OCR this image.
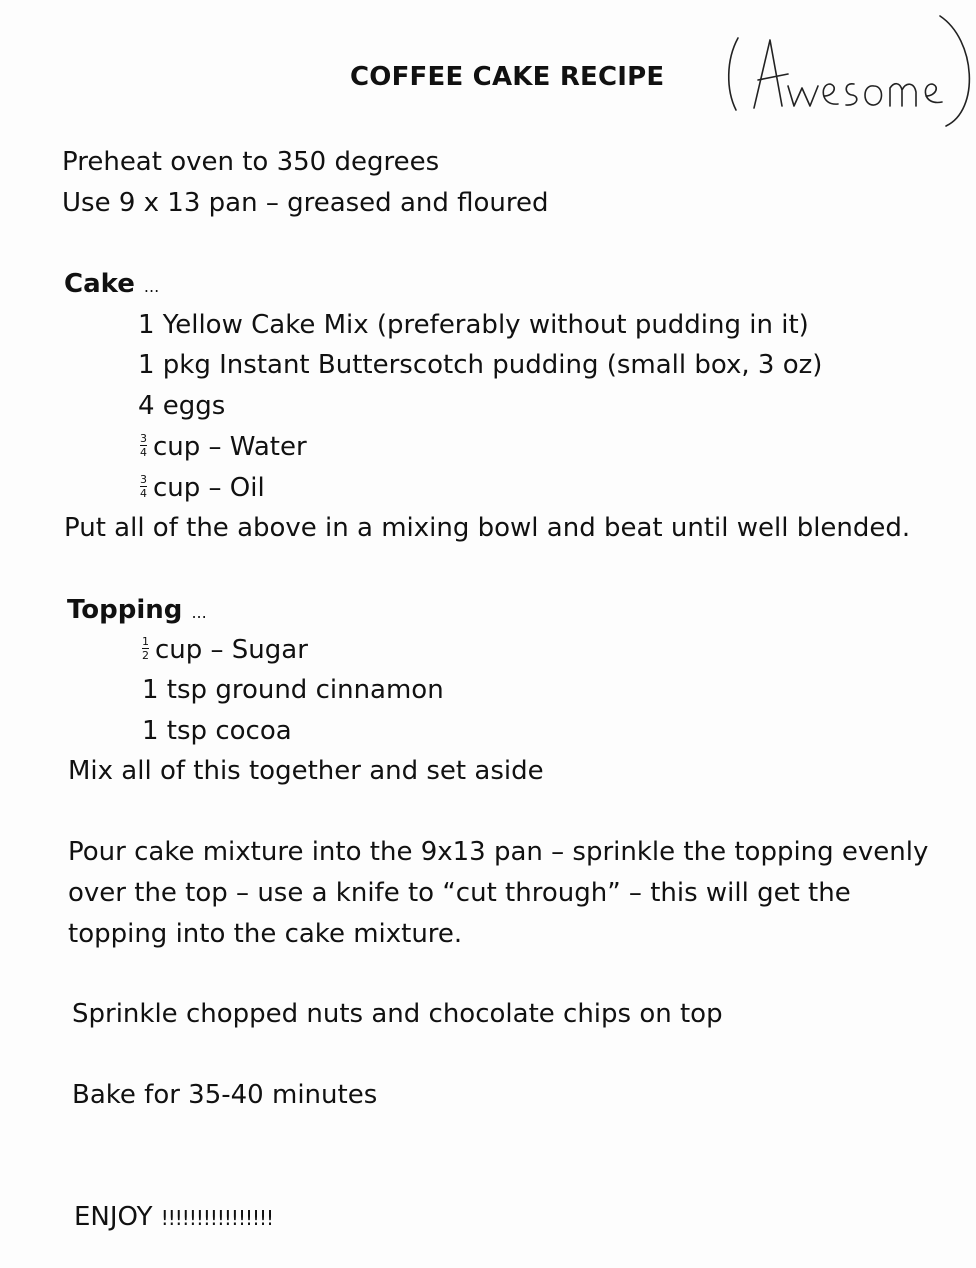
COFFEE CAKE RECIPE
Preheat oven to 350 degrees
Use 9 x 13 pan – greased and floured
Cake ...
1 Yellow Cake Mix (preferably without pudding in it)
1 pkg Instant Butterscotch pudding (small box, 3 oz)
4 eggs
$\frac{3}{4}$ cup – Water
$\frac{3}{4}$ cup – Oil
Put all of the above in a mixing bowl and beat until well blended.
Topping ...
$\frac{1}{2}$ cup – Sugar
1 tsp ground cinnamon
1 tsp cocoa
Mix all of this together and set aside
Pour cake mixture into the 9x13 pan – sprinkle the topping evenly
over the top – use a knife to “cut through” – this will get the
topping into the cake mixture.
Sprinkle chopped nuts and chocolate chips on top
Bake for 35-40 minutes
ENJOY !!!!!!!!!!!!!!!!
